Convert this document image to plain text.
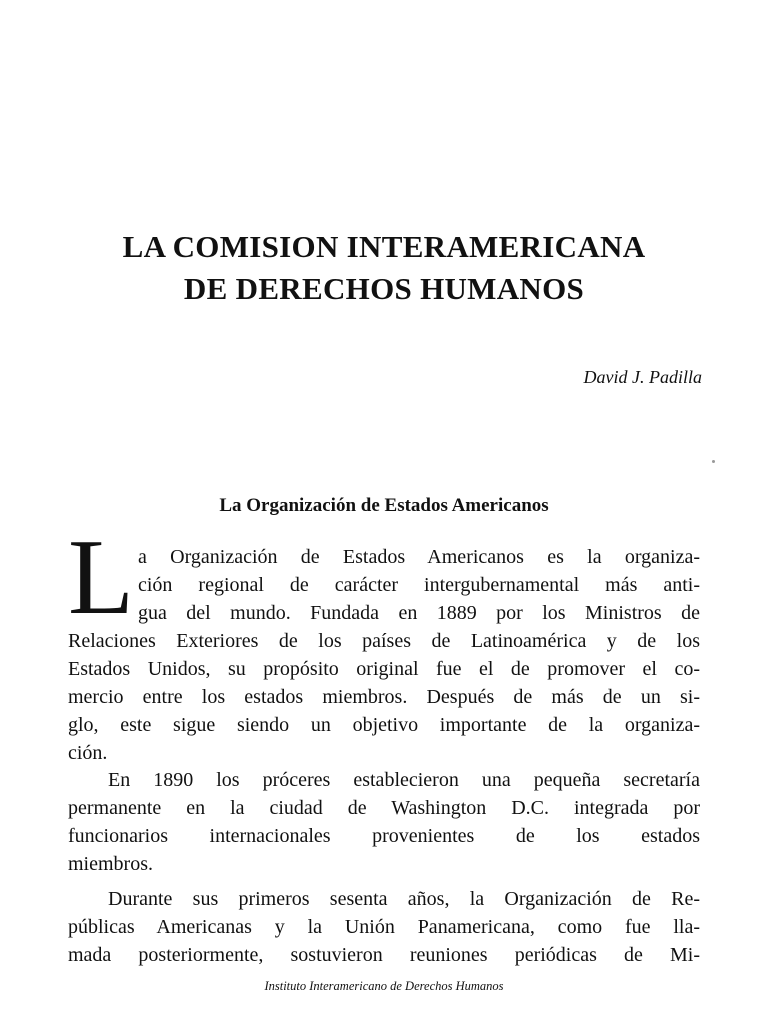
LA COMISION INTERAMERICANA
DE DERECHOS HUMANOS
David J. Padilla
La Organización de Estados Americanos
L a Organización de Estados Americanos es la organiza-
ción regional de carácter intergubernamental más anti-
gua del mundo. Fundada en 1889 por los Ministros de
Relaciones Exteriores de los países de Latinoamérica y de los
Estados Unidos, su propósito original fue el de promover el co-
mercio entre los estados miembros. Después de más de un si-
glo, este sigue siendo un objetivo importante de la organiza-
ción.
En 1890 los próceres establecieron una pequeña secretaría
permanente en la ciudad de Washington D.C. integrada por
funcionarios internacionales provenientes de los estados
miembros.
Durante sus primeros sesenta años, la Organización de Re-
públicas Americanas y la Unión Panamericana, como fue lla-
mada posteriormente, sostuvieron reuniones periódicas de Mi-
Instituto Interamericano de Derechos Humanos
